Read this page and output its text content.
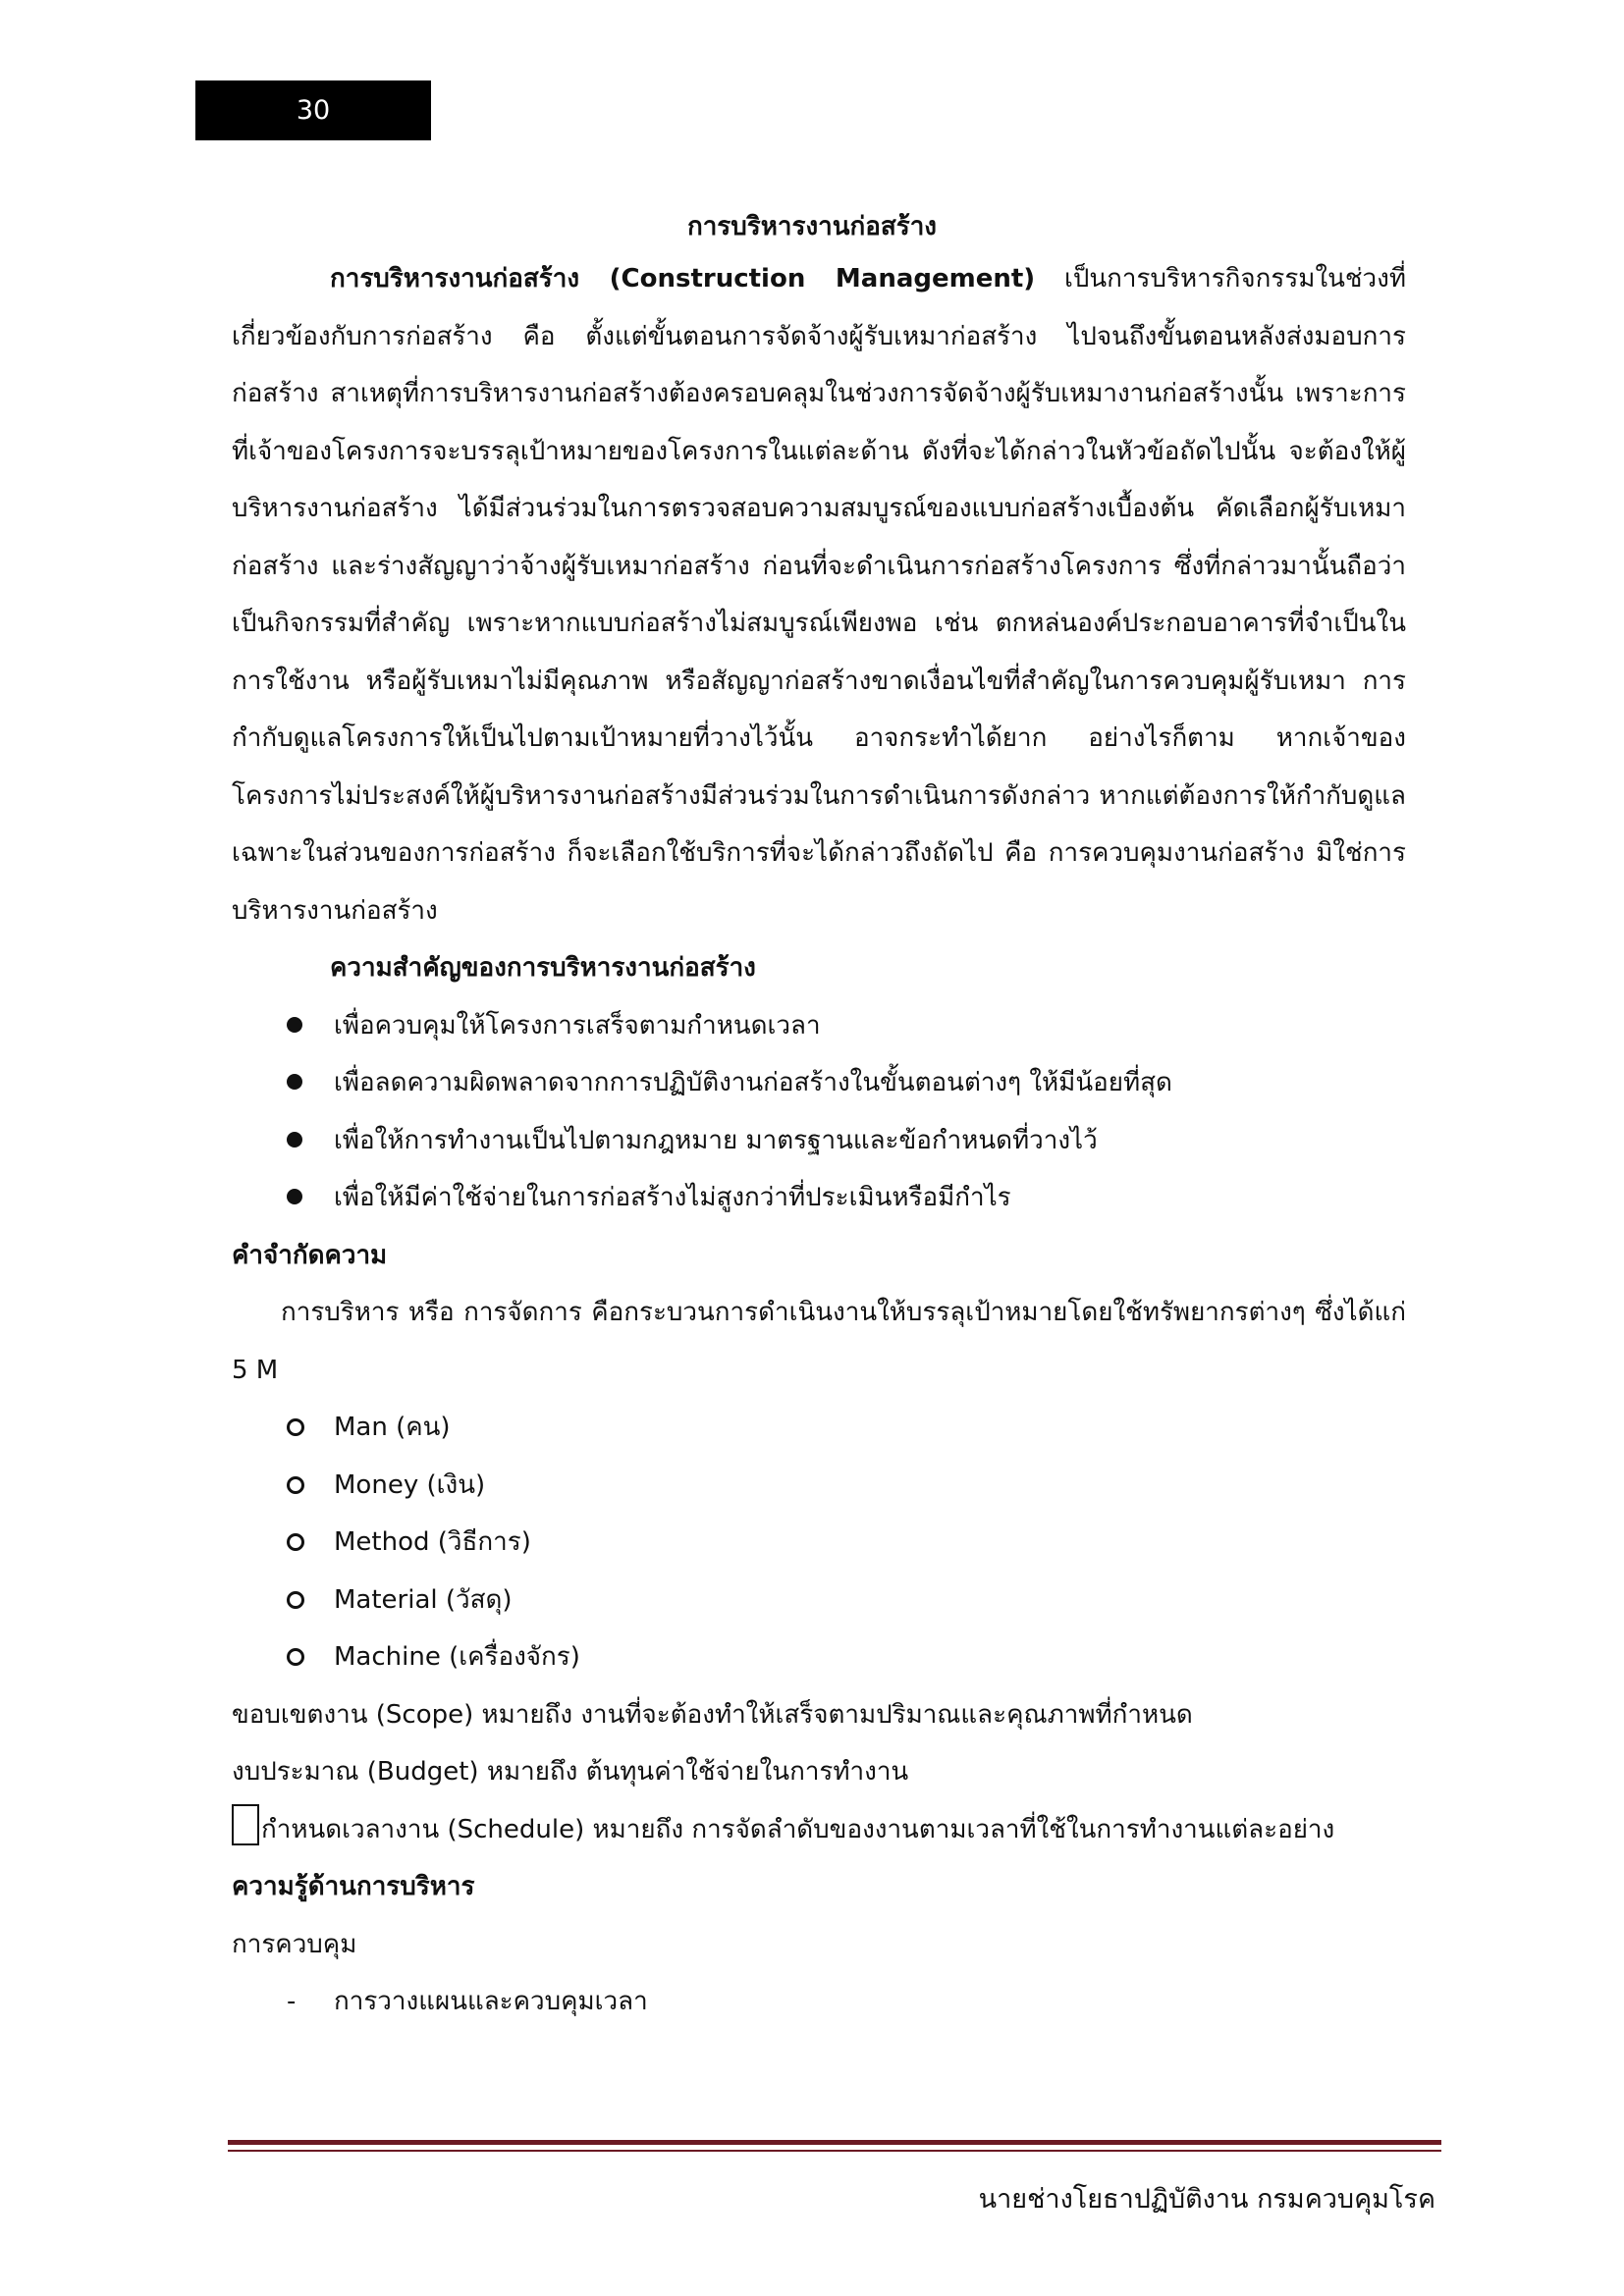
30
การบริหารงานก่อสร้าง

การบริหารงานก่อสร้าง (Construction Management) เป็นการบริหารกิจกรรมในช่วงที่เกี่ยวข้องกับการก่อสร้าง คือ ตั้งแต่ขั้นตอนการจัดจ้างผู้รับเหมาก่อสร้าง ไปจนถึงขั้นตอนหลังส่งมอบการก่อสร้าง สาเหตุที่การบริหารงานก่อสร้างต้องครอบคลุมในช่วงการจัดจ้างผู้รับเหมางานก่อสร้างนั้น เพราะการที่เจ้าของโครงการจะบรรลุเป้าหมายของโครงการในแต่ละด้าน ดังที่จะได้กล่าวในหัวข้อถัดไปนั้น จะต้องให้ผู้บริหารงานก่อสร้าง ได้มีส่วนร่วมในการตรวจสอบความสมบูรณ์ของแบบก่อสร้างเบื้องต้น คัดเลือกผู้รับเหมาก่อสร้าง และร่างสัญญาว่าจ้างผู้รับเหมาก่อสร้าง ก่อนที่จะดำเนินการก่อสร้างโครงการ ซึ่งที่กล่าวมานั้นถือว่าเป็นกิจกรรมที่สำคัญ เพราะหากแบบก่อสร้างไม่สมบูรณ์เพียงพอ เช่น ตกหล่นองค์ประกอบอาคารที่จำเป็นในการใช้งาน หรือผู้รับเหมาไม่มีคุณภาพ หรือสัญญาก่อสร้างขาดเงื่อนไขที่สำคัญในการควบคุมผู้รับเหมา การกำกับดูแลโครงการให้เป็นไปตามเป้าหมายที่วางไว้นั้น อาจกระทำได้ยาก อย่างไรก็ตาม หากเจ้าของโครงการไม่ประสงค์ให้ผู้บริหารงานก่อสร้างมีส่วนร่วมในการดำเนินการดังกล่าว หากแต่ต้องการให้กำกับดูแลเฉพาะในส่วนของการก่อสร้าง ก็จะเลือกใช้บริการที่จะได้กล่าวถึงถัดไป คือ การควบคุมงานก่อสร้าง มิใช่การบริหารงานก่อสร้าง

ความสำคัญของการบริหารงานก่อสร้าง
เพื่อควบคุมให้โครงการเสร็จตามกำหนดเวลา
เพื่อลดความผิดพลาดจากการปฏิบัติงานก่อสร้างในขั้นตอนต่างๆ ให้มีน้อยที่สุด
เพื่อให้การทำงานเป็นไปตามกฎหมาย มาตรฐานและข้อกำหนดที่วางไว้
เพื่อให้มีค่าใช้จ่ายในการก่อสร้างไม่สูงกว่าที่ประเมินหรือมีกำไร
คำจำกัดความ

การบริหาร หรือ การจัดการ คือกระบวนการดำเนินงานให้บรรลุเป้าหมายโดยใช้ทรัพยากรต่างๆ ซึ่งได้แก่ 5 M

Man (คน)
Money (เงิน)
Method (วิธีการ)
Material (วัสดุ)
Machine (เครื่องจักร)
ขอบเขตงาน (Scope) หมายถึง งานที่จะต้องทำให้เสร็จตามปริมาณและคุณภาพที่กำหนด
งบประมาณ (Budget) หมายถึง ต้นทุนค่าใช้จ่ายในการทำงาน
กำหนดเวลางาน (Schedule) หมายถึง การจัดลำดับของงานตามเวลาที่ใช้ในการทำงานแต่ละอย่าง
ความรู้ด้านการบริหาร
การควบคุม
- การวางแผนและควบคุมเวลา
นายช่างโยธาปฏิบัติงาน กรมควบคุมโรค
